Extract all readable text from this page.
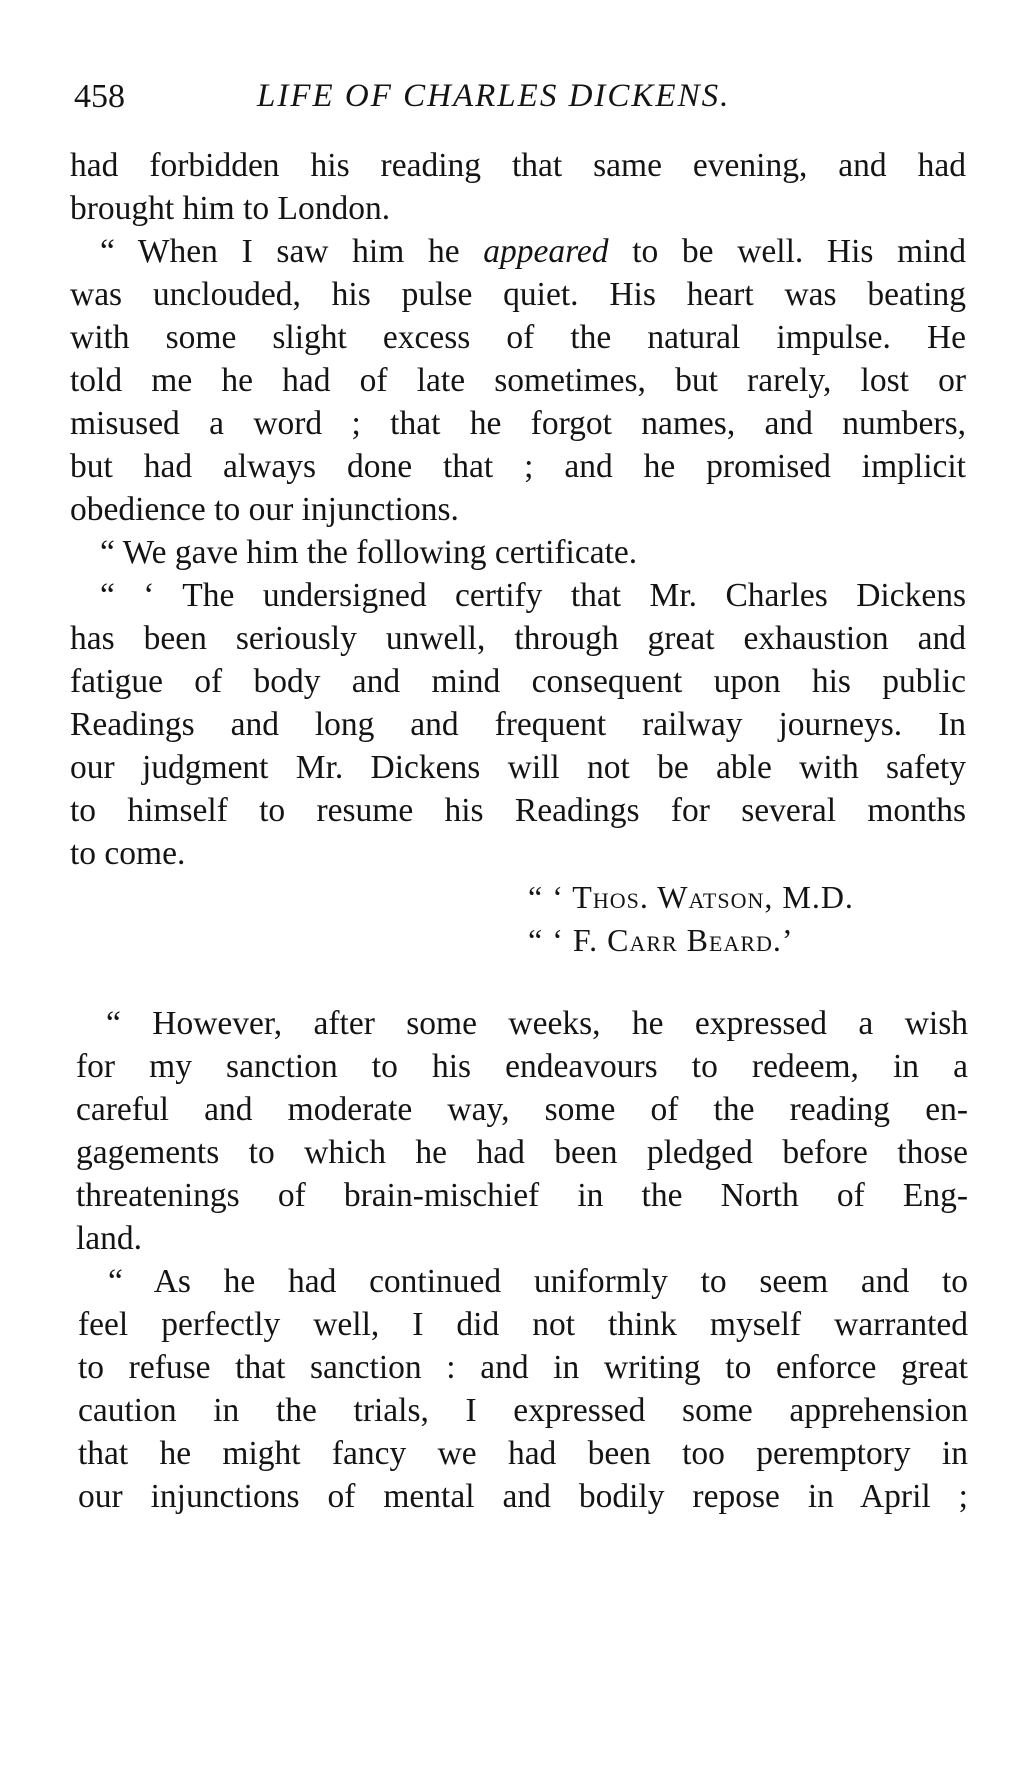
458	LIFE OF CHARLES DICKENS.
had forbidden his reading that same evening, and had
brought him to London.
“ When I saw him he appeared to be well. His mind
was unclouded, his pulse quiet. His heart was beating
with some slight excess of the natural impulse. He
told me he had of late sometimes, but rarely, lost or
misused a word ; that he forgot names, and numbers,
but had always done that ; and he promised implicit
obedience to our injunctions.
“ We gave him the following certificate.
“ ‘ The undersigned certify that Mr. Charles Dickens
has been seriously unwell, through great exhaustion and
fatigue of body and mind consequent upon his public
Readings and long and frequent railway journeys. In
our judgment Mr. Dickens will not be able with safety
to himself to resume his Readings for several months
to come.
“ ‘ Thos. Watson, M.D.
“ ‘ F. Carr Beard.’
“ However, after some weeks, he expressed a wish
for my sanction to his endeavours to redeem, in a
careful and moderate way, some of the reading en-
gagements to which he had been pledged before those
threatenings of brain-mischief in the North of Eng-
land.
“ As he had continued uniformly to seem and to
feel perfectly well, I did not think myself warranted
to refuse that sanction : and in writing to enforce great
caution in the trials, I expressed some apprehension
that he might fancy we had been too peremptory in
our injunctions of mental and bodily repose in April ;
